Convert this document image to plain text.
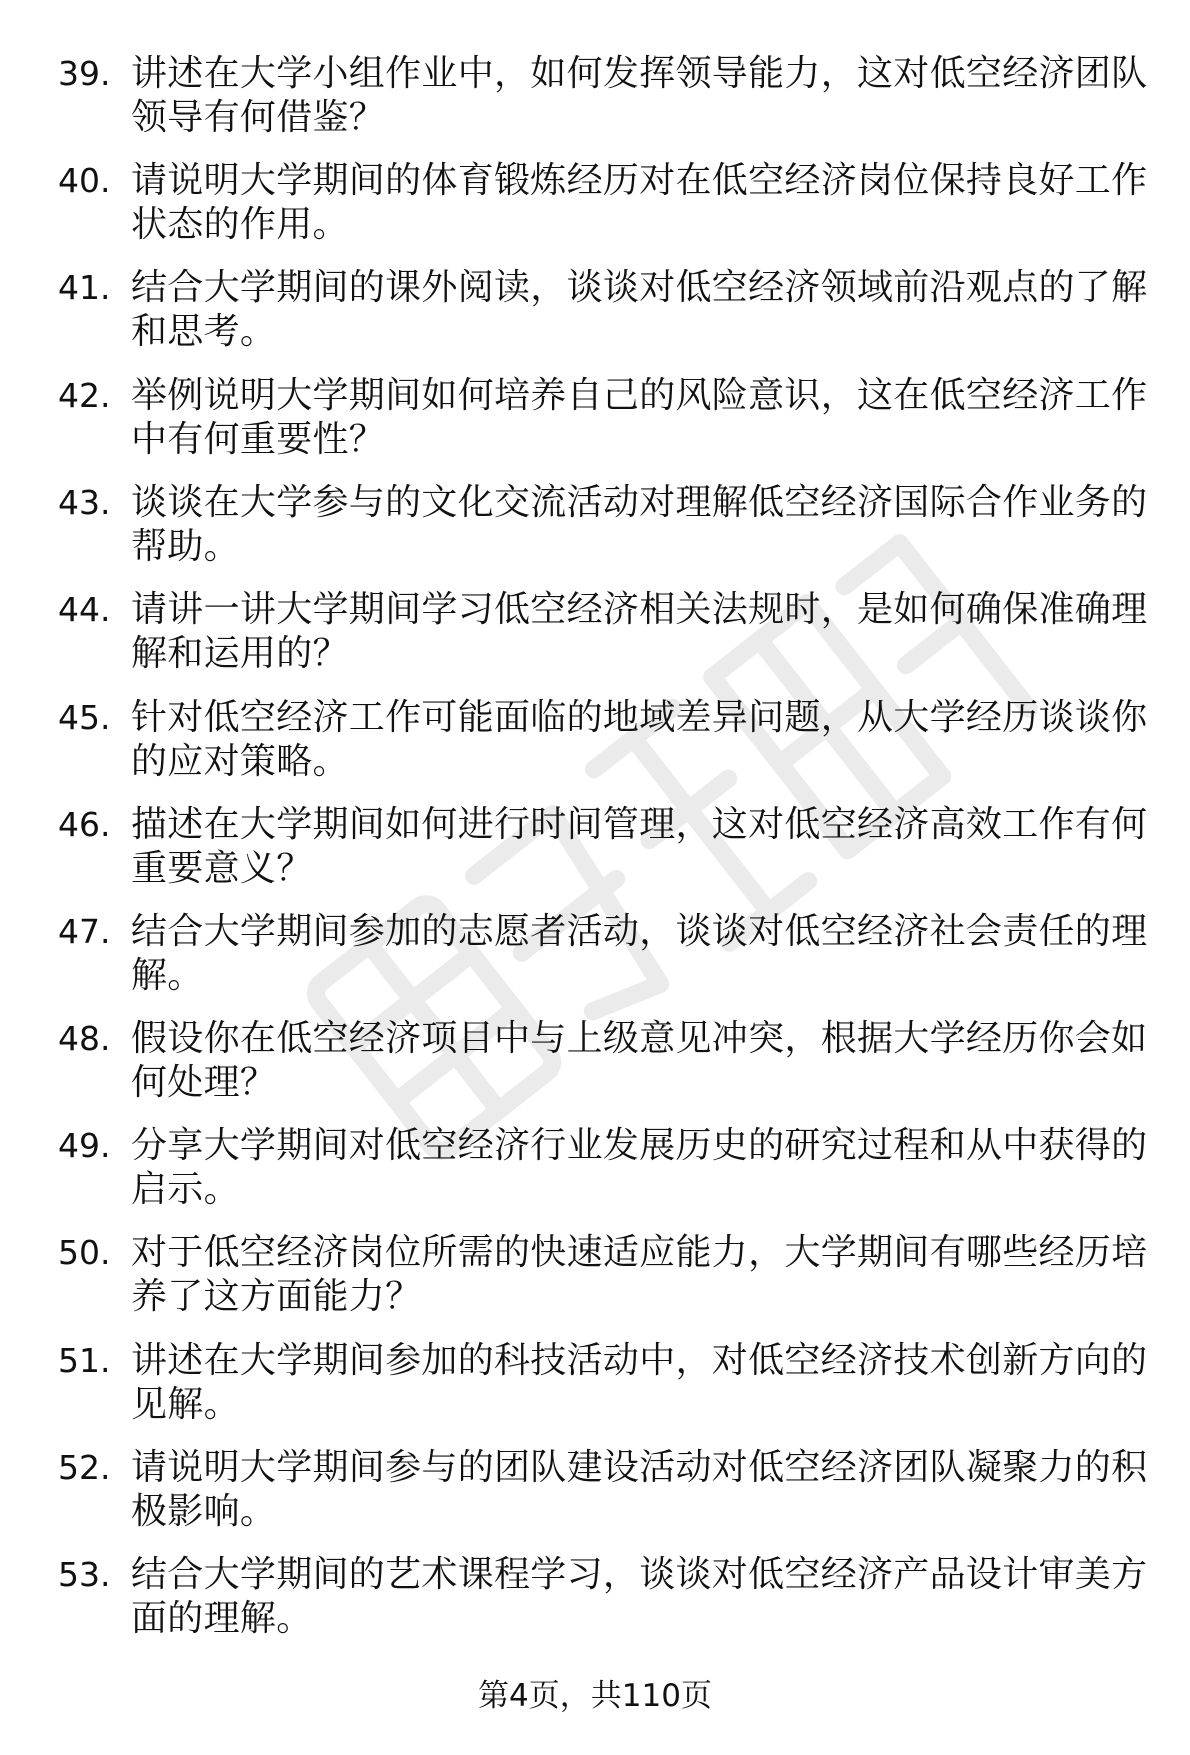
39. 讲述在大学小组作业中，如何发挥领导能力，这对低空经济团队领导有何借鉴？
40. 请说明大学期间的体育锻炼经历对在低空经济岗位保持良好工作状态的作用。
41. 结合大学期间的课外阅读，谈谈对低空经济领域前沿观点的了解和思考。
42. 举例说明大学期间如何培养自己的风险意识，这在低空经济工作中有何重要性？
43. 谈谈在大学参与的文化交流活动对理解低空经济国际合作业务的帮助。
44. 请讲一讲大学期间学习低空经济相关法规时，是如何确保准确理解和运用的？
45. 针对低空经济工作可能面临的地域差异问题，从大学经历谈谈你的应对策略。
46. 描述在大学期间如何进行时间管理，这对低空经济高效工作有何重要意义？
47. 结合大学期间参加的志愿者活动，谈谈对低空经济社会责任的理解。
48. 假设你在低空经济项目中与上级意见冲突，根据大学经历你会如何处理？
49. 分享大学期间对低空经济行业发展历史的研究过程和从中获得的启示。
50. 对于低空经济岗位所需的快速适应能力，大学期间有哪些经历培养了这方面能力？
51. 讲述在大学期间参加的科技活动中，对低空经济技术创新方向的见解。
52. 请说明大学期间参与的团队建设活动对低空经济团队凝聚力的积极影响。
53. 结合大学期间的艺术课程学习，谈谈对低空经济产品设计审美方面的理解。
第4页，共110页
